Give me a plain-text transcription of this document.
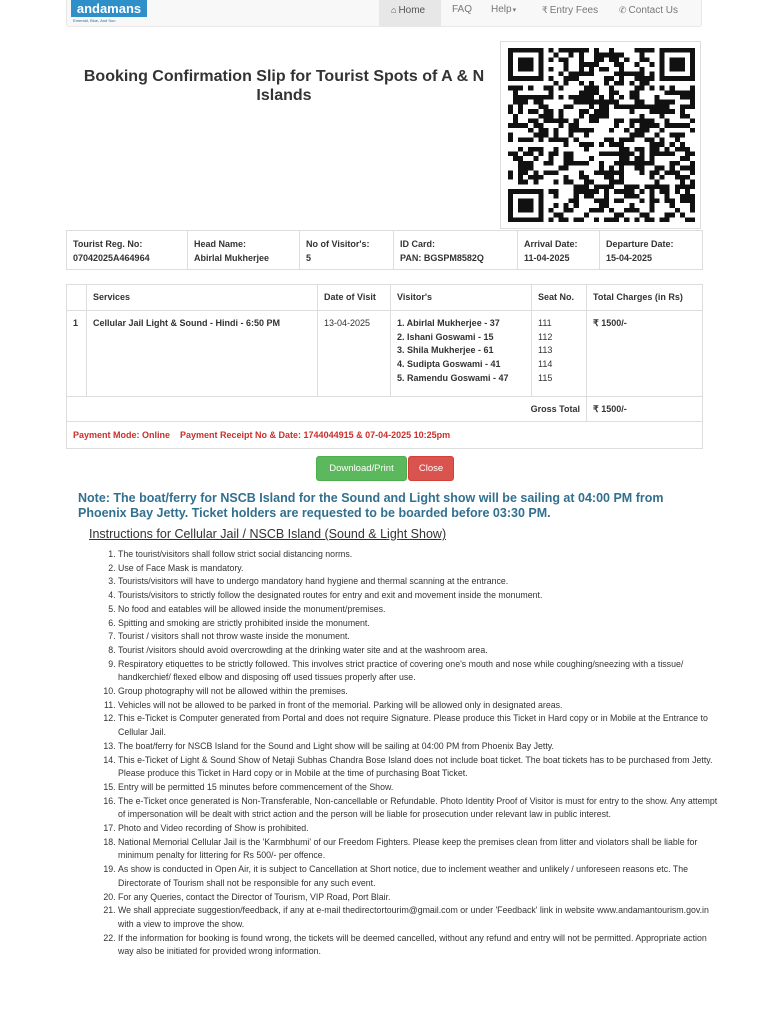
andamans
Emerald, Blue, And Sun
⌂ Home	FAQ Help▾	₹ Entry Fees ✆ Contact Us
Booking Confirmation Slip for Tourist Spots of A & N Islands
Tourist Reg. No:
07042025A464964

Head Name:
Abirlal Mukherjee

No of Visitor's:
5

ID Card:
PAN: BGSPM8582Q

Arrival Date:
11-04-2025

Departure Date:
15-04-2025
	Services	Date of Visit	Visitor's	Seat No.	Total Charges (in Rs)
1	Cellular Jail Light & Sound - Hindi - 6:50 PM	13-04-2025	1. Abirlal Mukherjee - 37
2. Ishani Goswami - 15
3. Shila Mukherjee - 61
4. Sudipta Goswami - 41
5. Ramendu Goswami - 47	111
112
113
114
115	₹ 1500/-
Gross Total					₹ 1500/-
Payment Mode: Online    Payment Receipt No & Date: 1744044915 & 07-04-2025 10:25pm					
Download/Print	Close
Note: The boat/ferry for NSCB Island for the Sound and Light show will be sailing at 04:00 PM from Phoenix Bay Jetty. Ticket holders are requested to be boarded before 03:30 PM.
Instructions for Cellular Jail / NSCB Island (Sound & Light Show)
1. The tourist/visitors shall follow strict social distancing norms.
2. Use of Face Mask is mandatory.
3. Tourists/visitors will have to undergo mandatory hand hygiene and thermal scanning at the entrance.
4. Tourists/visitors to strictly follow the designated routes for entry and exit and movement inside the monument.
5. No food and eatables will be allowed inside the monument/premises.
6. Spitting and smoking are strictly prohibited inside the monument.
7. Tourist / visitors shall not throw waste inside the monument.
8. Tourist /visitors should avoid overcrowding at the drinking water site and at the washroom area.
9. Respiratory etiquettes to be strictly followed. This involves strict practice of covering one's mouth and nose while coughing/sneezing with a tissue/ handkerchief/ flexed elbow and disposing off used tissues properly after use.
10. Group photography will not be allowed within the premises.
11. Vehicles will not be allowed to be parked in front of the memorial. Parking will be allowed only in designated areas.
12. This e-Ticket is Computer generated from Portal and does not require Signature. Please produce this Ticket in Hard copy or in Mobile at the Entrance to Cellular Jail.
13. The boat/ferry for NSCB Island for the Sound and Light show will be sailing at 04:00 PM from Phoenix Bay Jetty.
14. This e-Ticket of Light & Sound Show of Netaji Subhas Chandra Bose Island does not include boat ticket. The boat tickets has to be purchased from Jetty. Please produce this Ticket in Hard copy or in Mobile at the time of purchasing Boat Ticket.
15. Entry will be permitted 15 minutes before commencement of the Show.
16. The e-Ticket once generated is Non-Transferable, Non-cancellable or Refundable. Photo Identity Proof of Visitor is must for entry to the show. Any attempt of impersonation will be dealt with strict action and the person will be liable for prosecution under relevant law in public interest.
17. Photo and Video recording of Show is prohibited.
18. National Memorial Cellular Jail is the 'Karmbhumi' of our Freedom Fighters. Please keep the premises clean from litter and violators shall be liable for minimum penalty for littering for Rs 500/- per offence.
19. As show is conducted in Open Air, it is subject to Cancellation at Short notice, due to inclement weather and unlikely / unforeseen reasons etc. The Directorate of Tourism shall not be responsible for any such event.
20. For any Queries, contact the Director of Tourism, VIP Road, Port Blair.
21. We shall appreciate suggestion/feedback, if any at e-mail thedirectortourim@gmail.com or under 'Feedback' link in website www.andamantourism.gov.in with a view to improve the show.
22. If the information for booking is found wrong, the tickets will be deemed cancelled, without any refund and entry will not be permitted. Appropriate action way also be initiated for provided wrong information.
